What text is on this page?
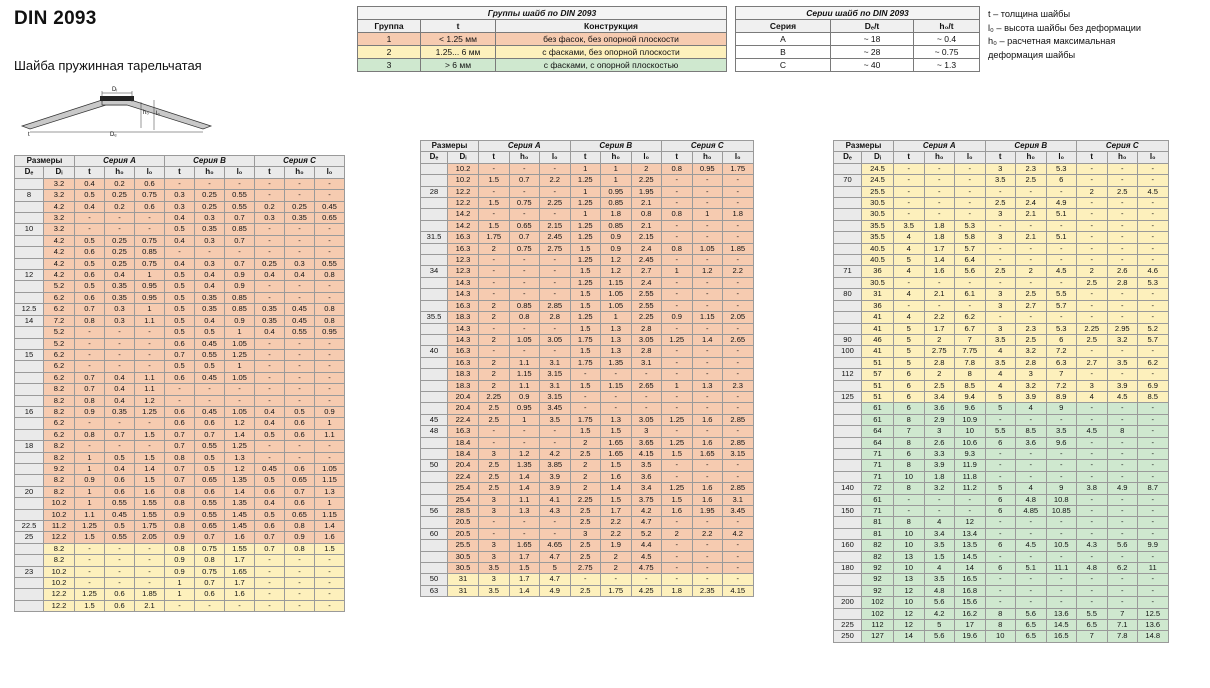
DIN 2093
Шайба пружинная тарельчатая
Группы шайб по DIN 2093		
Группа	t	Конструкция
1	< 1.25 мм	без фасок, без опорной плоскости
2	1.25... 6 мм	с фасками, без опорной плоскости
3	> 6 мм	с фасками, с опорной плоскостью
Серии шайб по DIN 2093		
Серия	Dₑ/t	h₀/t
A	~ 18	~ 0.4
B	~ 28	~ 0.75
C	~ 40	~ 1.3
t – толщина шайбы
l₀ – высота шайбы без деформации
h₀ – расчетная максимальная
деформация шайбы
Dᵢ
h₀ l₀
t	Dₑ
Размеры		Серия А			Серия В			Серия С		
Dₑ	Dᵢ	t	h₀	l₀	t	h₀	l₀	t	h₀	l₀
	3.2	0.4	0.2	0.6	-	-	-	-	-	-
8	3.2	0.5	0.25	0.75	0.3	0.25	0.55	-	-	-
	4.2	0.4	0.2	0.6	0.3	0.25	0.55	0.2	0.25	0.45
	3.2	-	-	-	0.4	0.3	0.7	0.3	0.35	0.65
10	3.2	-	-	-	0.5	0.35	0.85	-	-	-
	4.2	0.5	0.25	0.75	0.4	0.3	0.7	-	-	-
	4.2	0.6	0.25	0.85	-	-	-	-	-	-
	4.2	0.5	0.25	0.75	0.4	0.3	0.7	0.25	0.3	0.55
12	4.2	0.6	0.4	1	0.5	0.4	0.9	0.4	0.4	0.8
	5.2	0.5	0.35	0.95	0.5	0.4	0.9	-	-	-
	6.2	0.6	0.35	0.95	0.5	0.35	0.85	-	-	-
12.5	6.2	0.7	0.3	1	0.5	0.35	0.85	0.35	0.45	0.8
14	7.2	0.8	0.3	1.1	0.5	0.4	0.9	0.35	0.45	0.8
	5.2	-	-	-	0.5	0.5	1	0.4	0.55	0.95
	5.2	-	-	-	0.6	0.45	1.05	-	-	-
15	6.2	-	-	-	0.7	0.55	1.25	-	-	-
	6.2	-	-	-	0.5	0.5	1	-	-	-
	6.2	0.7	0.4	1.1	0.6	0.45	1.05	-	-	-
	8.2	0.7	0.4	1.1	-	-	-	-	-	-
	8.2	0.8	0.4	1.2	-	-	-	-	-	-
16	8.2	0.9	0.35	1.25	0.6	0.45	1.05	0.4	0.5	0.9
	6.2	-	-	-	0.6	0.6	1.2	0.4	0.6	1
	6.2	0.8	0.7	1.5	0.7	0.7	1.4	0.5	0.6	1.1
18	8.2	-	-	-	0.7	0.55	1.25	-	-	-
	8.2	1	0.5	1.5	0.8	0.5	1.3	-	-	-
	9.2	1	0.4	1.4	0.7	0.5	1.2	0.45	0.6	1.05
	8.2	0.9	0.6	1.5	0.7	0.65	1.35	0.5	0.65	1.15
20	8.2	1	0.6	1.6	0.8	0.6	1.4	0.6	0.7	1.3
	10.2	1	0.55	1.55	0.8	0.55	1.35	0.4	0.6	1
	10.2	1.1	0.45	1.55	0.9	0.55	1.45	0.5	0.65	1.15
22.5	11.2	1.25	0.5	1.75	0.8	0.65	1.45	0.6	0.8	1.4
25	12.2	1.5	0.55	2.05	0.9	0.7	1.6	0.7	0.9	1.6
	8.2	-	-	-	0.8	0.75	1.55	0.7	0.8	1.5
	8.2	-	-	-	0.9	0.8	1.7	-	-	-
23	10.2	-	-	-	0.9	0.75	1.65	-	-	-
	10.2	-	-	-	1	0.7	1.7	-	-	-
	12.2	1.25	0.6	1.85	1	0.6	1.6	-	-	-
	12.2	1.5	0.6	2.1	-	-	-	-	-	-
Размеры		Серия А			Серия В			Серия С		
Dₑ	Dᵢ	t	h₀	l₀	t	h₀	l₀	t	h₀	l₀
	10.2	-	-	-	1	1	2	0.8	0.95	1.75
	10.2	1.5	0.7	2.2	1.25	1	2.25	-	-	-
28	12.2	-	-	-	1	0.95	1.95	-	-	-
	12.2	1.5	0.75	2.25	1.25	0.85	2.1	-	-	-
	14.2	-	-	-	1	1.8	0.8	0.8	1	1.8
	14.2	1.5	0.65	2.15	1.25	0.85	2.1	-	-	-
31.5	16.3	1.75	0.7	2.45	1.25	0.9	2.15	-	-	-
	16.3	2	0.75	2.75	1.5	0.9	2.4	0.8	1.05	1.85
	12.3	-	-	-	1.25	1.2	2.45	-	-	-
34	12.3	-	-	-	1.5	1.2	2.7	1	1.2	2.2
	14.3	-	-	-	1.25	1.15	2.4	-	-	-
	14.3	-	-	-	1.5	1.05	2.55	-	-	-
	16.3	2	0.85	2.85	1.5	1.05	2.55	-	-	-
35.5	18.3	2	0.8	2.8	1.25	1	2.25	0.9	1.15	2.05
	14.3	-	-	-	1.5	1.3	2.8	-	-	-
	14.3	2	1.05	3.05	1.75	1.3	3.05	1.25	1.4	2.65
40	16.3	-	-	-	1.5	1.3	2.8	-	-	-
	16.3	2	1.1	3.1	1.75	1.35	3.1	-	-	-
	18.3	2	1.15	3.15	-	-	-	-	-	-
	18.3	2	1.1	3.1	1.5	1.15	2.65	1	1.3	2.3
	20.4	2.25	0.9	3.15	-	-	-	-	-	-
	20.4	2.5	0.95	3.45	-	-	-	-	-	-
45	22.4	2.5	1	3.5	1.75	1.3	3.05	1.25	1.6	2.85
48	16.3	-	-	-	1.5	1.5	3	-	-	-
	18.4	-	-	-	2	1.65	3.65	1.25	1.6	2.85
	18.4	3	1.2	4.2	2.5	1.65	4.15	1.5	1.65	3.15
50	20.4	2.5	1.35	3.85	2	1.5	3.5	-	-	-
	22.4	2.5	1.4	3.9	2	1.6	3.6	-	-	-
	25.4	2.5	1.4	3.9	2	1.4	3.4	1.25	1.6	2.85
	25.4	3	1.1	4.1	2.25	1.5	3.75	1.5	1.6	3.1
56	28.5	3	1.3	4.3	2.5	1.7	4.2	1.6	1.95	3.45
	20.5	-	-	-	2.5	2.2	4.7	-	-	-
60	20.5	-	-	-	3	2.2	5.2	2	2.2	4.2
	25.5	3	1.65	4.65	2.5	1.9	4.4	-	-	-
	30.5	3	1.7	4.7	2.5	2	4.5	-	-	-
	30.5	3.5	1.5	5	2.75	2	4.75	-	-	-
50	31	3	1.7	4.7	-	-	-	-	-	-
63	31	3.5	1.4	4.9	2.5	1.75	4.25	1.8	2.35	4.15
Размеры		Серия А			Серия В			Серия С		
Dₑ	Dᵢ	t	h₀	l₀	t	h₀	l₀	t	h₀	l₀
	24.5	-	-	-	3	2.3	5.3	-	-	-
70	24.5	-	-	-	3.5	2.5	6	-	-	-
	25.5	-	-	-	-	-	-	2	2.5	4.5
	30.5	-	-	-	2.5	2.4	4.9	-	-	-
	30.5	-	-	-	3	2.1	5.1	-	-	-
	35.5	3.5	1.8	5.3	-	-	-	-	-	-
	35.5	4	1.8	5.8	3	2.1	5.1	-	-	-
	40.5	4	1.7	5.7	-	-	-	-	-	-
	40.5	5	1.4	6.4	-	-	-	-	-	-
71	36	4	1.6	5.6	2.5	2	4.5	2	2.6	4.6
	30.5	-	-	-	-	-	-	2.5	2.8	5.3
80	31	4	2.1	6.1	3	2.5	5.5	-	-	-
	36	-	-	-	3	2.7	5.7	-	-	-
	41	4	2.2	6.2	-	-	-	-	-	-
	41	5	1.7	6.7	3	2.3	5.3	2.25	2.95	5.2
90	46	5	2	7	3.5	2.5	6	2.5	3.2	5.7
100	41	5	2.75	7.75	4	3.2	7.2	-	-	-
	51	5	2.8	7.8	3.5	2.8	6.3	2.7	3.5	6.2
112	57	6	2	8	4	3	7	-	-	-
	51	6	2.5	8.5	4	3.2	7.2	3	3.9	6.9
125	51	6	3.4	9.4	5	3.9	8.9	4	4.5	8.5
	61	6	3.6	9.6	5	4	9	-	-	-
	61	8	2.9	10.9	-	-	-	-	-	-
	64	7	3	10	5.5	8.5	3.5	4.5	8	-
	64	8	2.6	10.6	6	3.6	9.6	-	-	-
	71	6	3.3	9.3	-	-	-	-	-	-
	71	8	3.9	11.9	-	-	-	-	-	-
	71	10	1.8	11.8	-	-	-	-	-	-
140	72	8	3.2	11.2	5	4	9	3.8	4.9	8.7
	61	-	-	-	6	4.8	10.8	-	-	-
150	71	-	-	-	6	4.85	10.85	-	-	-
	81	8	4	12	-	-	-	-	-	-
	81	10	3.4	13.4	-	-	-	-	-	-
160	82	10	3.5	13.5	6	4.5	10.5	4.3	5.6	9.9
	82	13	1.5	14.5	-	-	-	-	-	-
180	92	10	4	14	6	5.1	11.1	4.8	6.2	11
	92	13	3.5	16.5	-	-	-	-	-	-
	92	12	4.8	16.8	-	-	-	-	-	-
200	102	10	5.6	15.6	-	-	-	-	-	-
	102	12	4.2	16.2	8	5.6	13.6	5.5	7	12.5
225	112	12	5	17	8	6.5	14.5	6.5	7.1	13.6
250	127	14	5.6	19.6	10	6.5	16.5	7	7.8	14.8
